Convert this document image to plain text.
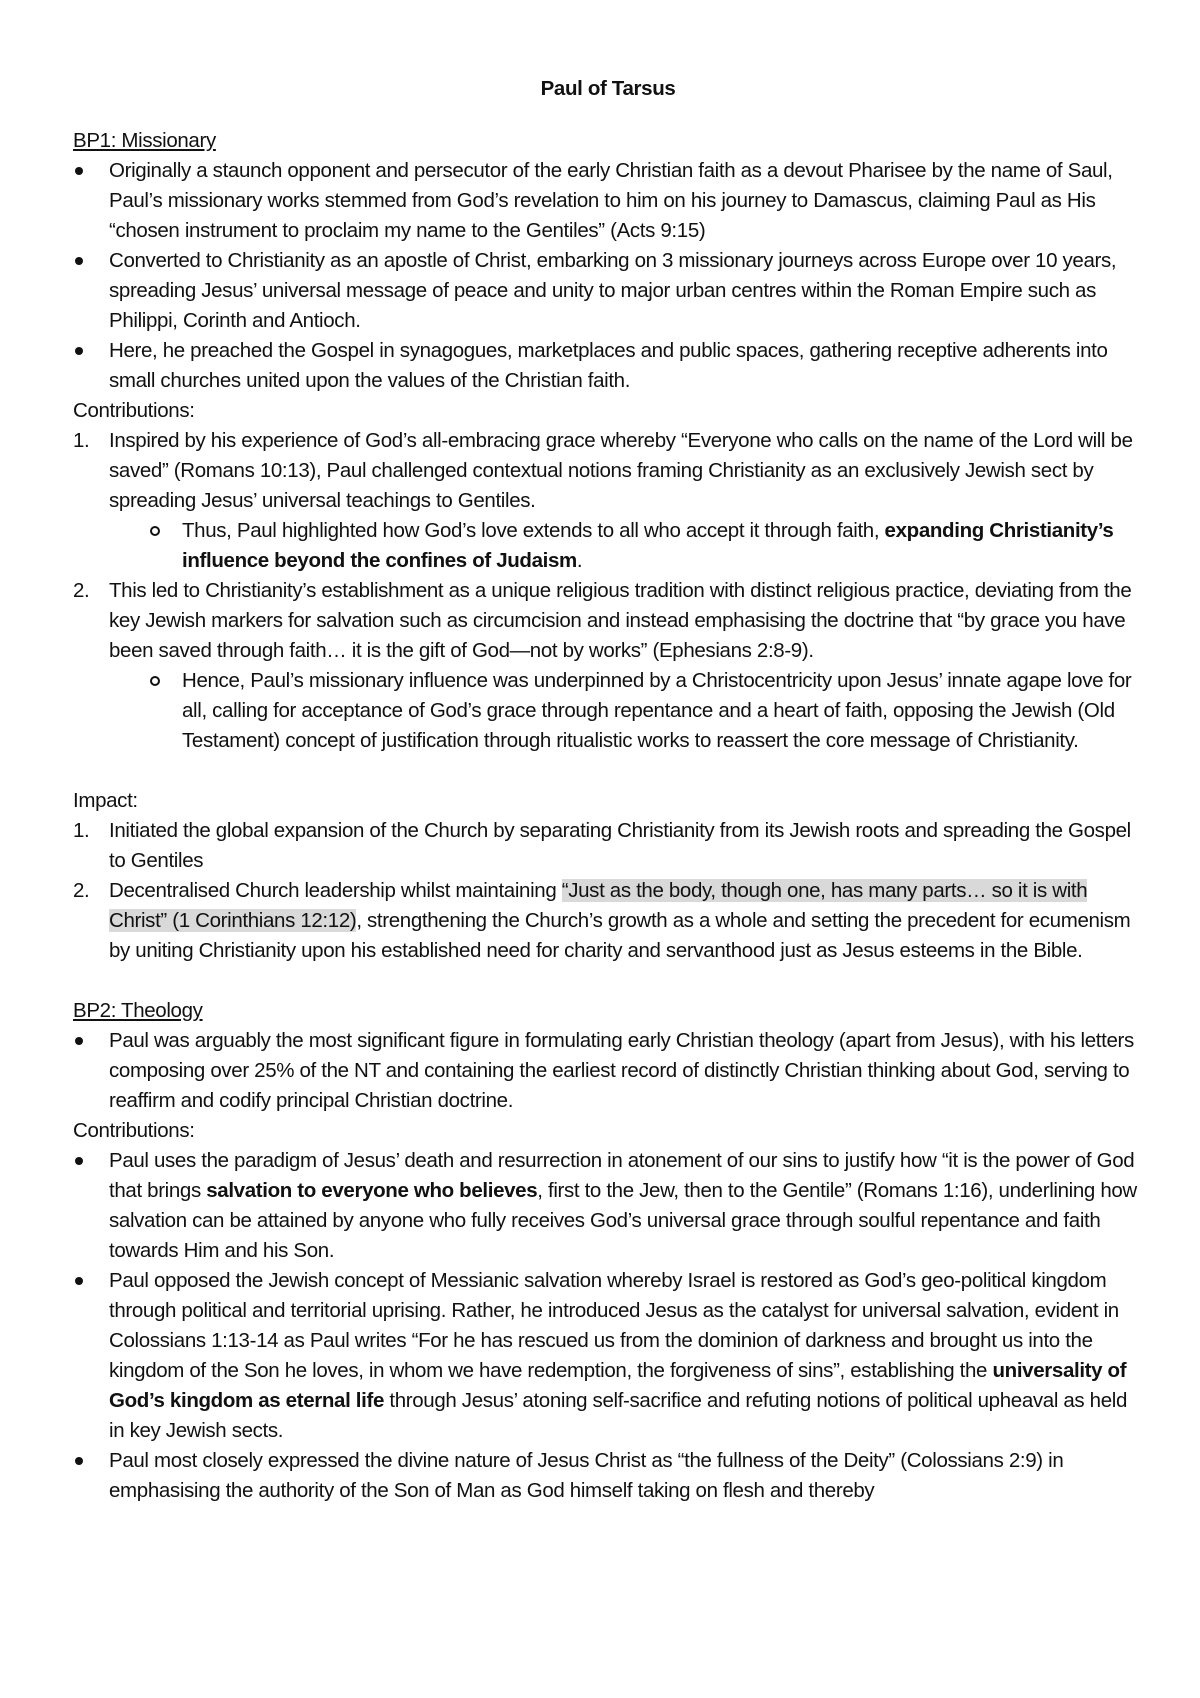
Paul of Tarsus

BP1: Missionary

Originally a staunch opponent and persecutor of the early Christian faith as a devout Pharisee by the name of Saul, Paul’s missionary works stemmed from God’s revelation to him on his journey to Damascus, claiming Paul as His “chosen instrument to proclaim my name to the Gentiles” (Acts 9:15)
Converted to Christianity as an apostle of Christ, embarking on 3 missionary journeys across Europe over 10 years, spreading Jesus’ universal message of peace and unity to major urban centres within the Roman Empire such as Philippi, Corinth and Antioch.
Here, he preached the Gospel in synagogues, marketplaces and public spaces, gathering receptive adherents into small churches united upon the values of the Christian faith.

Contributions:

1. Inspired by his experience of God’s all-embracing grace whereby “Everyone who calls on the name of the Lord will be saved” (Romans 10:13), Paul challenged contextual notions framing Christianity as an exclusively Jewish sect by spreading Jesus’ universal teachings to Gentiles.
Thus, Paul highlighted how God’s love extends to all who accept it through faith, expanding Christianity’s influence beyond the confines of Judaism.
2. This led to Christianity’s establishment as a unique religious tradition with distinct religious practice, deviating from the key Jewish markers for salvation such as circumcision and instead emphasising the doctrine that “by grace you have been saved through faith… it is the gift of God—not by works” (Ephesians 2:8-9).
Hence, Paul’s missionary influence was underpinned by a Christocentricity upon Jesus’ innate agape love for all, calling for acceptance of God’s grace through repentance and a heart of faith, opposing the Jewish (Old Testament) concept of justification through ritualistic works to reassert the core message of Christianity.

Impact:

1. Initiated the global expansion of the Church by separating Christianity from its Jewish roots and spreading the Gospel to Gentiles
2. Decentralised Church leadership whilst maintaining “Just as the body, though one, has many parts… so it is with Christ” (1 Corinthians 12:12), strengthening the Church’s growth as a whole and setting the precedent for ecumenism by uniting Christianity upon his established need for charity and servanthood just as Jesus esteems in the Bible.

BP2: Theology

Paul was arguably the most significant figure in formulating early Christian theology (apart from Jesus), with his letters composing over 25% of the NT and containing the earliest record of distinctly Christian thinking about God, serving to reaffirm and codify principal Christian doctrine.

Contributions:

Paul uses the paradigm of Jesus’ death and resurrection in atonement of our sins to justify how “it is the power of God that brings salvation to everyone who believes, first to the Jew, then to the Gentile” (Romans 1:16), underlining how salvation can be attained by anyone who fully receives God’s universal grace through soulful repentance and faith towards Him and his Son.
Paul opposed the Jewish concept of Messianic salvation whereby Israel is restored as God’s geo-political kingdom through political and territorial uprising. Rather, he introduced Jesus as the catalyst for universal salvation, evident in Colossians 1:13-14 as Paul writes “For he has rescued us from the dominion of darkness and brought us into the kingdom of the Son he loves, in whom we have redemption, the forgiveness of sins”, establishing the universality of God’s kingdom as eternal life through Jesus’ atoning self-sacrifice and refuting notions of political upheaval as held in key Jewish sects.
Paul most closely expressed the divine nature of Jesus Christ as “the fullness of the Deity” (Colossians 2:9) in emphasising the authority of the Son of Man as God himself taking on flesh and thereby
